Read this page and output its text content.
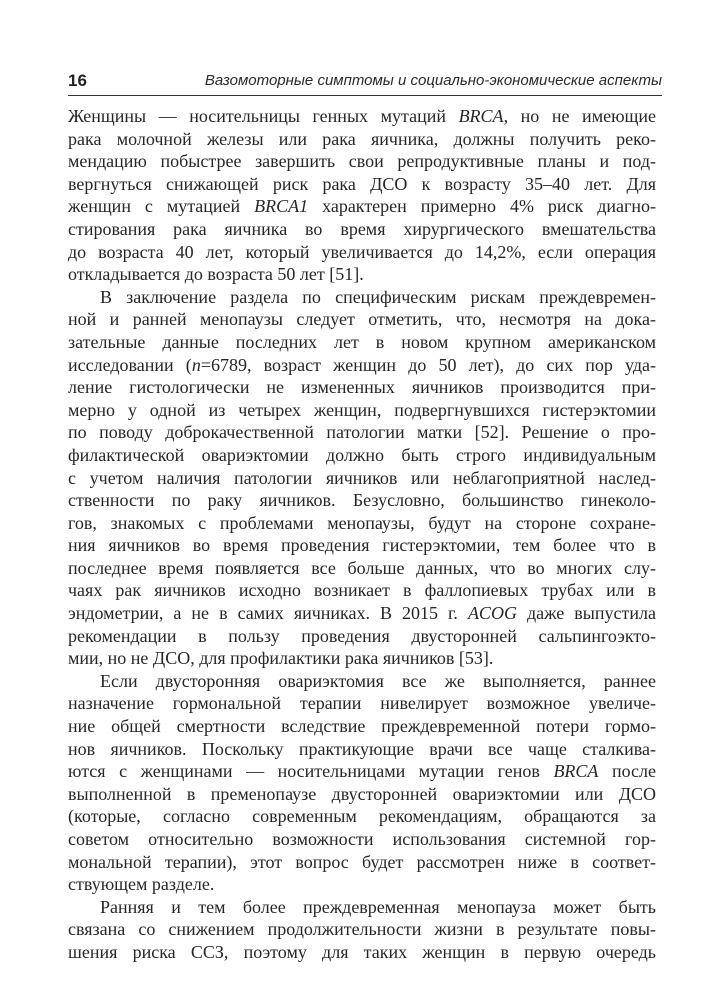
16	Вазомоторные симптомы и социально-экономические аспекты
Женщины — носительницы генных мутаций BRCA, но не имеющие
рака молочной железы или рака яичника, должны получить реко-
мендацию побыстрее завершить свои репродуктивные планы и под-
вергнуться снижающей риск рака ДСО к возрасту 35–40 лет. Для
женщин с мутацией BRCA1 характерен примерно 4% риск диагно-
стирования рака яичника во время хирургического вмешательства
до возраста 40 лет, который увеличивается до 14,2%, если операция
откладывается до возраста 50 лет [51].
В заключение раздела по специфическим рискам преждевремен-
ной и ранней менопаузы следует отметить, что, несмотря на дока-
зательные данные последних лет в новом крупном американском
исследовании (n=6789, возраст женщин до 50 лет), до сих пор уда-
ление гистологически не измененных яичников производится при-
мерно у одной из четырех женщин, подвергнувшихся гистерэктомии
по поводу доброкачественной патологии матки [52]. Решение о про-
филактической овариэктомии должно быть строго индивидуальным
с учетом наличия патологии яичников или неблагоприятной наслед-
ственности по раку яичников. Безусловно, большинство гинеколо-
гов, знакомых с проблемами менопаузы, будут на стороне сохране-
ния яичников во время проведения гистерэктомии, тем более что в
последнее время появляется все больше данных, что во многих слу-
чаях рак яичников исходно возникает в фаллопиевых трубах или в
эндометрии, а не в самих яичниках. В 2015 г. ACOG даже выпустила
рекомендации в пользу проведения двусторонней сальпингоэкто-
мии, но не ДСО, для профилактики рака яичников [53].
Если двусторонняя овариэктомия все же выполняется, раннее
назначение гормональной терапии нивелирует возможное увеличе-
ние общей смертности вследствие преждевременной потери гормо-
нов яичников. Поскольку практикующие врачи все чаще сталкива-
ются с женщинами — носительницами мутации генов BRCA после
выполненной в пременопаузе двусторонней овариэктомии или ДСО
(которые, согласно современным рекомендациям, обращаются за
советом относительно возможности использования системной гор-
мональной терапии), этот вопрос будет рассмотрен ниже в соответ-
ствующем разделе.
Ранняя и тем более преждевременная менопауза может быть
связана со снижением продолжительности жизни в результате повы-
шения риска ССЗ, поэтому для таких женщин в первую очередь
